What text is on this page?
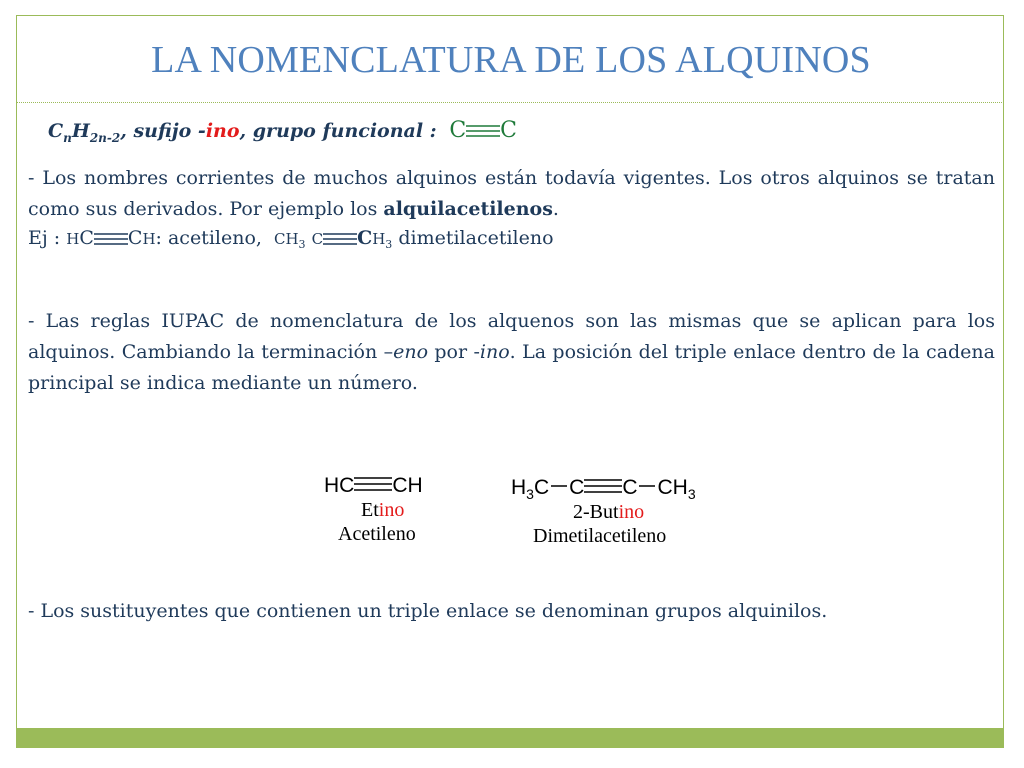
LA NOMENCLATURA DE LOS ALQUINOS
$C_nH_{2n-2}$, sufijo -ino, grupo funcional : C C
- Los nombres corrientes de muchos alquinos están todavía vigentes. Los otros alquinos se tratan como sus derivados. Por ejemplo los alquilacetilenos.
Ej : HC CH: acetileno, $CH_3$ C $CH_3$ dimetilacetileno
- Las reglas IUPAC de nomenclatura de los alquenos son las mismas que se aplican para los alquinos. Cambiando la terminación –eno por -ino. La posición del triple enlace dentro de la cadena principal se indica mediante un número.
HC CH
Etino
Acetileno
$H_3C$ C C $CH_3$
2-Butino
Dimetilacetileno
- Los sustituyentes que contienen un triple enlace se denominan grupos alquinilos.
